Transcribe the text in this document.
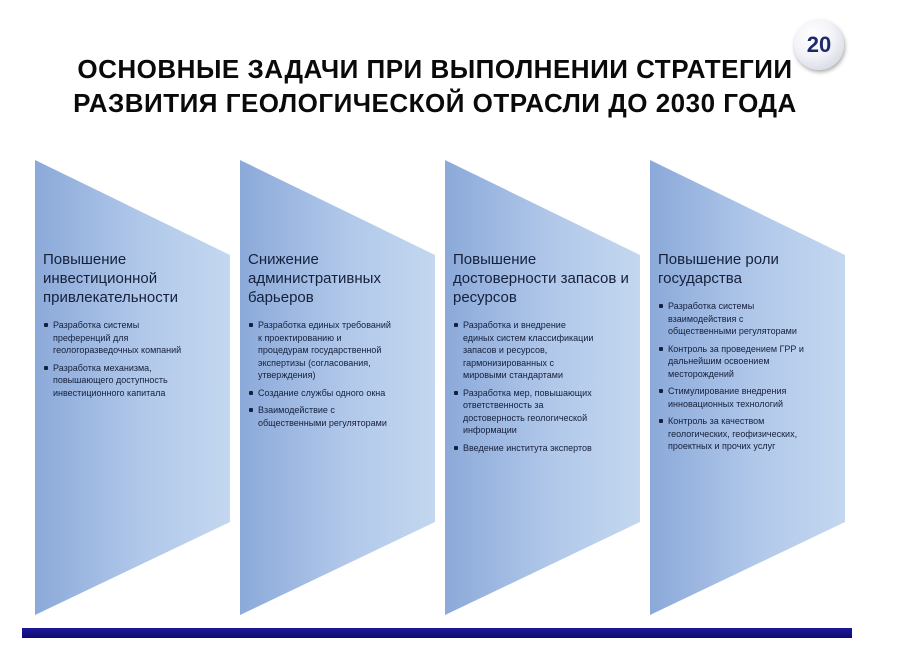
ОСНОВНЫЕ ЗАДАЧИ ПРИ ВЫПОЛНЕНИИ СТРАТЕГИИ
РАЗВИТИЯ ГЕОЛОГИЧЕСКОЙ ОТРАСЛИ ДО 2030 ГОДА
20
Повышение
инвестиционной
привлекательности
Разработка системы
преференций для
геологоразведочных компаний
Разработка механизма,
повышающего доступность
инвестиционного капитала
Снижение
административных
барьеров
Разработка единых требований
к проектированию и
процедурам государственной
экспертизы (согласования,
утверждения)
Создание службы одного окна
Взаимодействие с
общественными регуляторами
Повышение
достоверности запасов и
ресурсов
Разработка и внедрение
единых систем классификации
запасов и ресурсов,
гармонизированных с
мировыми стандартами
Разработка мер, повышающих
ответственность за
достоверность геологической
информации
Введение института экспертов
Повышение роли
государства
Разработка системы
взаимодействия с
общественными регуляторами
Контроль за проведением ГРР и
дальнейшим освоением
месторождений
Стимулирование внедрения
инновационных технологий
Контроль за качеством
геологических, геофизических,
проектных и прочих услуг
